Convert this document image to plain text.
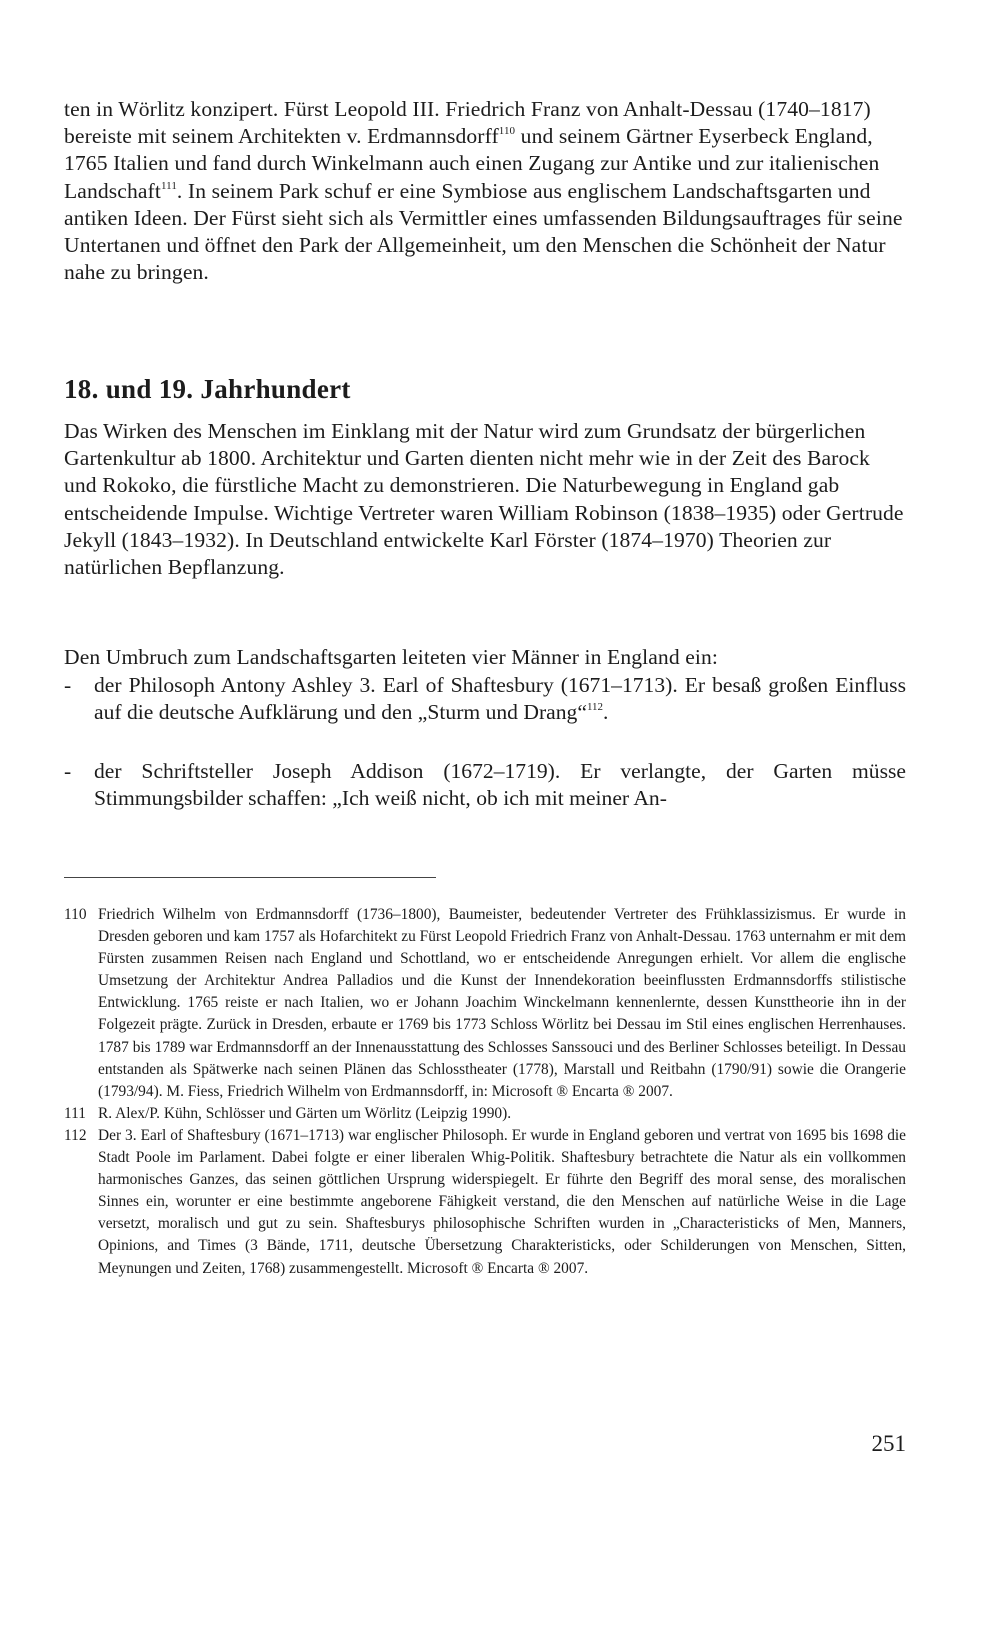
ten in Wörlitz konzipert. Fürst Leopold III. Friedrich Franz von Anhalt-Dessau (1740–1817) bereiste mit seinem Architekten v. Erdmannsdorff$^{110}$ und seinem Gärtner Eyserbeck England, 1765 Italien und fand durch Winkelmann auch einen Zugang zur Antike und zur italienischen Landschaft$^{111}$. In seinem Park schuf er eine Symbiose aus englischem Landschaftsgarten und antiken Ideen. Der Fürst sieht sich als Vermittler eines umfassenden Bildungsauftrages für seine Untertanen und öffnet den Park der Allgemeinheit, um den Menschen die Schönheit der Natur nahe zu bringen.

18. und 19. Jahrhundert

Das Wirken des Menschen im Einklang mit der Natur wird zum Grundsatz der bürgerlichen Gartenkultur ab 1800. Architektur und Garten dienten nicht mehr wie in der Zeit des Barock und Rokoko, die fürstliche Macht zu demonstrieren. Die Naturbewegung in England gab entscheidende Impulse. Wichtige Vertreter waren William Robinson (1838–1935) oder Gertrude Jekyll (1843–1932). In Deutschland entwickelte Karl Förster (1874–1970) Theorien zur natürlichen Bepflanzung.

Den Umbruch zum Landschaftsgarten leiteten vier Männer in England ein:

- der Philosoph Antony Ashley 3. Earl of Shaftesbury (1671–1713). Er besaß großen Einfluss auf die deutsche Aufklärung und den „Sturm und Drang“$^{112}$.
- der Schriftsteller Joseph Addison (1672–1719). Er verlangte, der Garten müsse Stimmungsbilder schaffen: „Ich weiß nicht, ob ich mit meiner An-

110 Friedrich Wilhelm von Erdmannsdorff (1736–1800), Baumeister, bedeutender Vertreter des Frühklassizismus. Er wurde in Dresden geboren und kam 1757 als Hofarchitekt zu Fürst Leopold Friedrich Franz von Anhalt-Dessau. 1763 unternahm er mit dem Fürsten zusammen Reisen nach England und Schottland, wo er entscheidende Anregungen erhielt. Vor allem die englische Umsetzung der Architektur Andrea Palladios und die Kunst der Innendekoration beeinflussten Erdmannsdorffs stilistische Entwicklung. 1765 reiste er nach Italien, wo er Johann Joachim Winckelmann kennenlernte, dessen Kunsttheorie ihn in der Folgezeit prägte. Zurück in Dresden, erbaute er 1769 bis 1773 Schloss Wörlitz bei Dessau im Stil eines englischen Herrenhauses. 1787 bis 1789 war Erdmannsdorff an der Innenausstattung des Schlosses Sanssouci und des Berliner Schlosses beteiligt. In Dessau entstanden als Spätwerke nach seinen Plänen das Schlosstheater (1778), Marstall und Reitbahn (1790/91) sowie die Orangerie (1793/94). M. Fiess, Friedrich Wilhelm von Erdmannsdorff, in: Microsoft ® Encarta ® 2007.

111 R. Alex/P. Kühn, Schlösser und Gärten um Wörlitz (Leipzig 1990).

112 Der 3. Earl of Shaftesbury (1671–1713) war englischer Philosoph. Er wurde in England geboren und vertrat von 1695 bis 1698 die Stadt Poole im Parlament. Dabei folgte er einer liberalen Whig-Politik. Shaftesbury betrachtete die Natur als ein vollkommen harmonisches Ganzes, das seinen göttlichen Ursprung widerspiegelt. Er führte den Begriff des moral sense, des moralischen Sinnes ein, worunter er eine bestimmte angeborene Fähigkeit verstand, die den Menschen auf natürliche Weise in die Lage versetzt, moralisch und gut zu sein. Shaftesburys philosophische Schriften wurden in „Characteristicks of Men, Manners, Opinions, and Times (3 Bände, 1711, deutsche Übersetzung Charakteristicks, oder Schilderungen von Menschen, Sitten, Meynungen und Zeiten, 1768) zusammengestellt. Microsoft ® Encarta ® 2007.

251
